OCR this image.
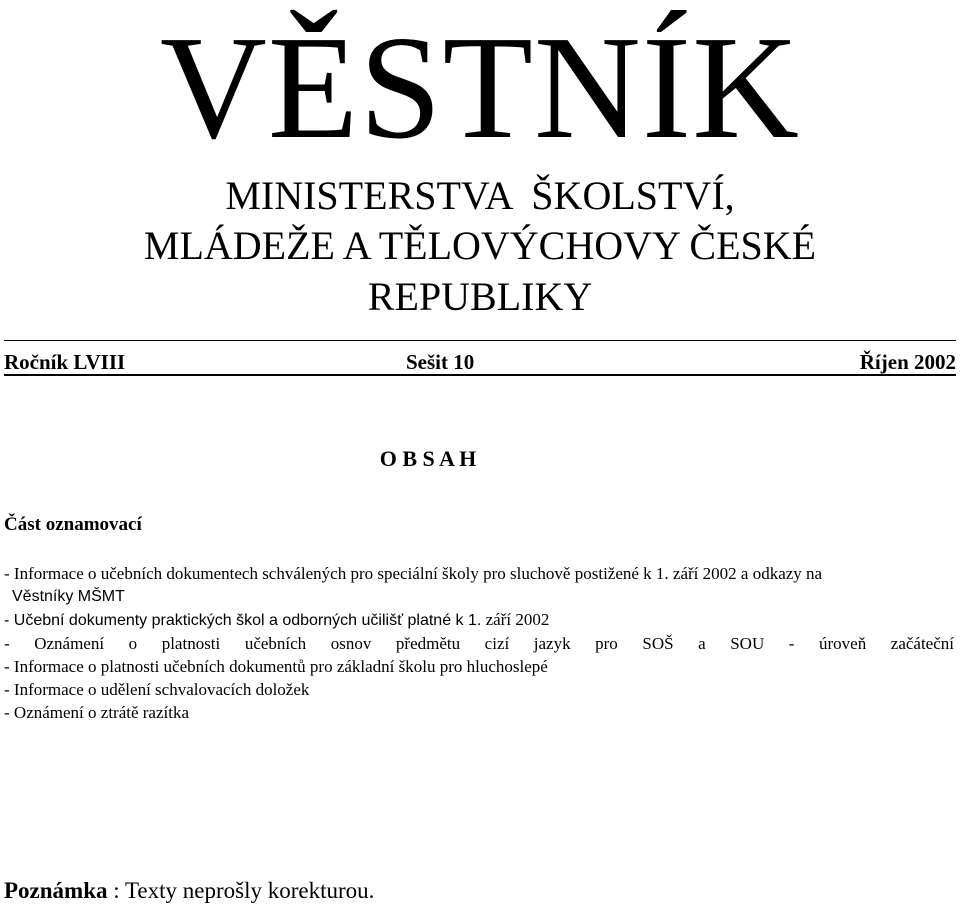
VĚSTNÍK
MINISTERSTVA  ŠKOLSTVÍ,
MLÁDEŽE A TĚLOVÝCHOVY ČESKÉ
REPUBLIKY
Ročník LVIII	Sešit 10	Říjen 2002
O B S A H
Část oznamovací
- Informace o učebních dokumentech schválených pro speciální školy pro sluchově postižené k 1. září 2002 a odkazy na
Věstníky MŠMT
- Učební dokumenty praktických škol a odborných učilišť platné k 1. září 2002
- Oznámení o platnosti učebních osnov předmětu cizí jazyk pro SOŠ a SOU - úroveň začáteční
- Informace o platnosti učebních dokumentů pro základní školu pro hluchoslepé
- Informace o udělení schvalovacích doložek
- Oznámení o ztrátě razítka
Poznámka : Texty neprošly korekturou.
